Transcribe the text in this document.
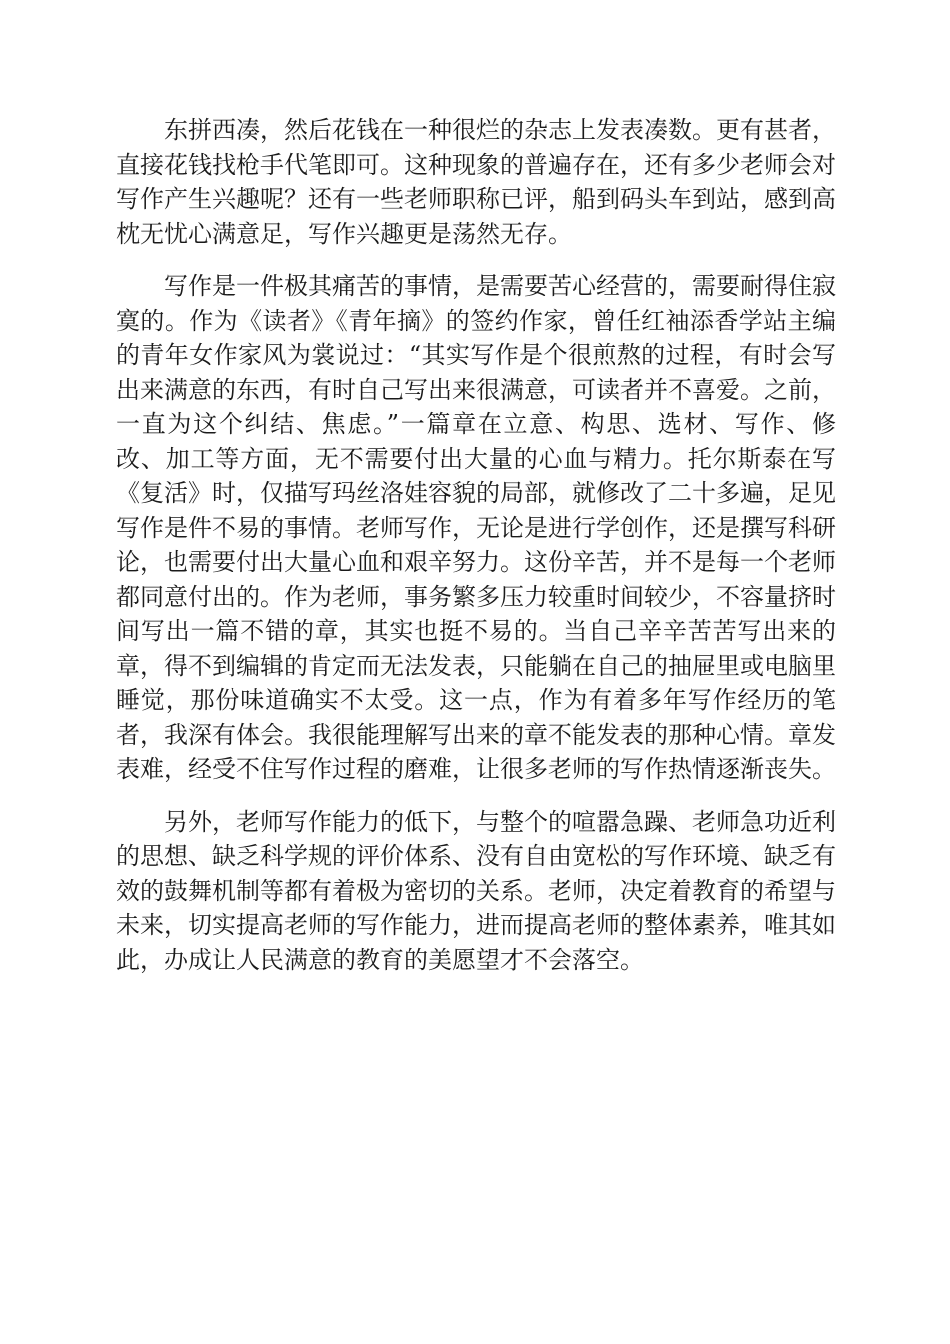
东拼西凑，然后花钱在一种很烂的杂志上发表凑数。更有甚者，直接花钱找枪手代笔即可。这种现象的普遍存在，还有多少老师会对写作产生兴趣呢？还有一些老师职称已评，船到码头车到站，感到高枕无忧心满意足，写作兴趣更是荡然无存。

写作是一件极其痛苦的事情，是需要苦心经营的，需要耐得住寂寞的。作为《读者》《青年摘》的签约作家，曾任红袖添香学站主编的青年女作家风为裳说过：“其实写作是个很煎熬的过程，有时会写出来满意的东西，有时自己写出来很满意，可读者并不喜爱。之前，一直为这个纠结、焦虑。”一篇章在立意、构思、选材、写作、修改、加工等方面，无不需要付出大量的心血与精力。托尔斯泰在写《复活》时，仅描写玛丝洛娃容貌的局部，就修改了二十多遍，足见写作是件不易的事情。老师写作，无论是进行学创作，还是撰写科研论，也需要付出大量心血和艰辛努力。这份辛苦，并不是每一个老师都同意付出的。作为老师，事务繁多压力较重时间较少，不容量挤时间写出一篇不错的章，其实也挺不易的。当自己辛辛苦苦写出来的章，得不到编辑的肯定而无法发表，只能躺在自己的抽屉里或电脑里睡觉，那份味道确实不太受。这一点，作为有着多年写作经历的笔者，我深有体会。我很能理解写出来的章不能发表的那种心情。章发表难，经受不住写作过程的磨难，让很多老师的写作热情逐渐丧失。

另外，老师写作能力的低下，与整个的喧嚣急躁、老师急功近利的思想、缺乏科学规的评价体系、没有自由宽松的写作环境、缺乏有效的鼓舞机制等都有着极为密切的关系。老师，决定着教育的希望与未来，切实提高老师的写作能力，进而提高老师的整体素养，唯其如此，办成让人民满意的教育的美愿望才不会落空。
